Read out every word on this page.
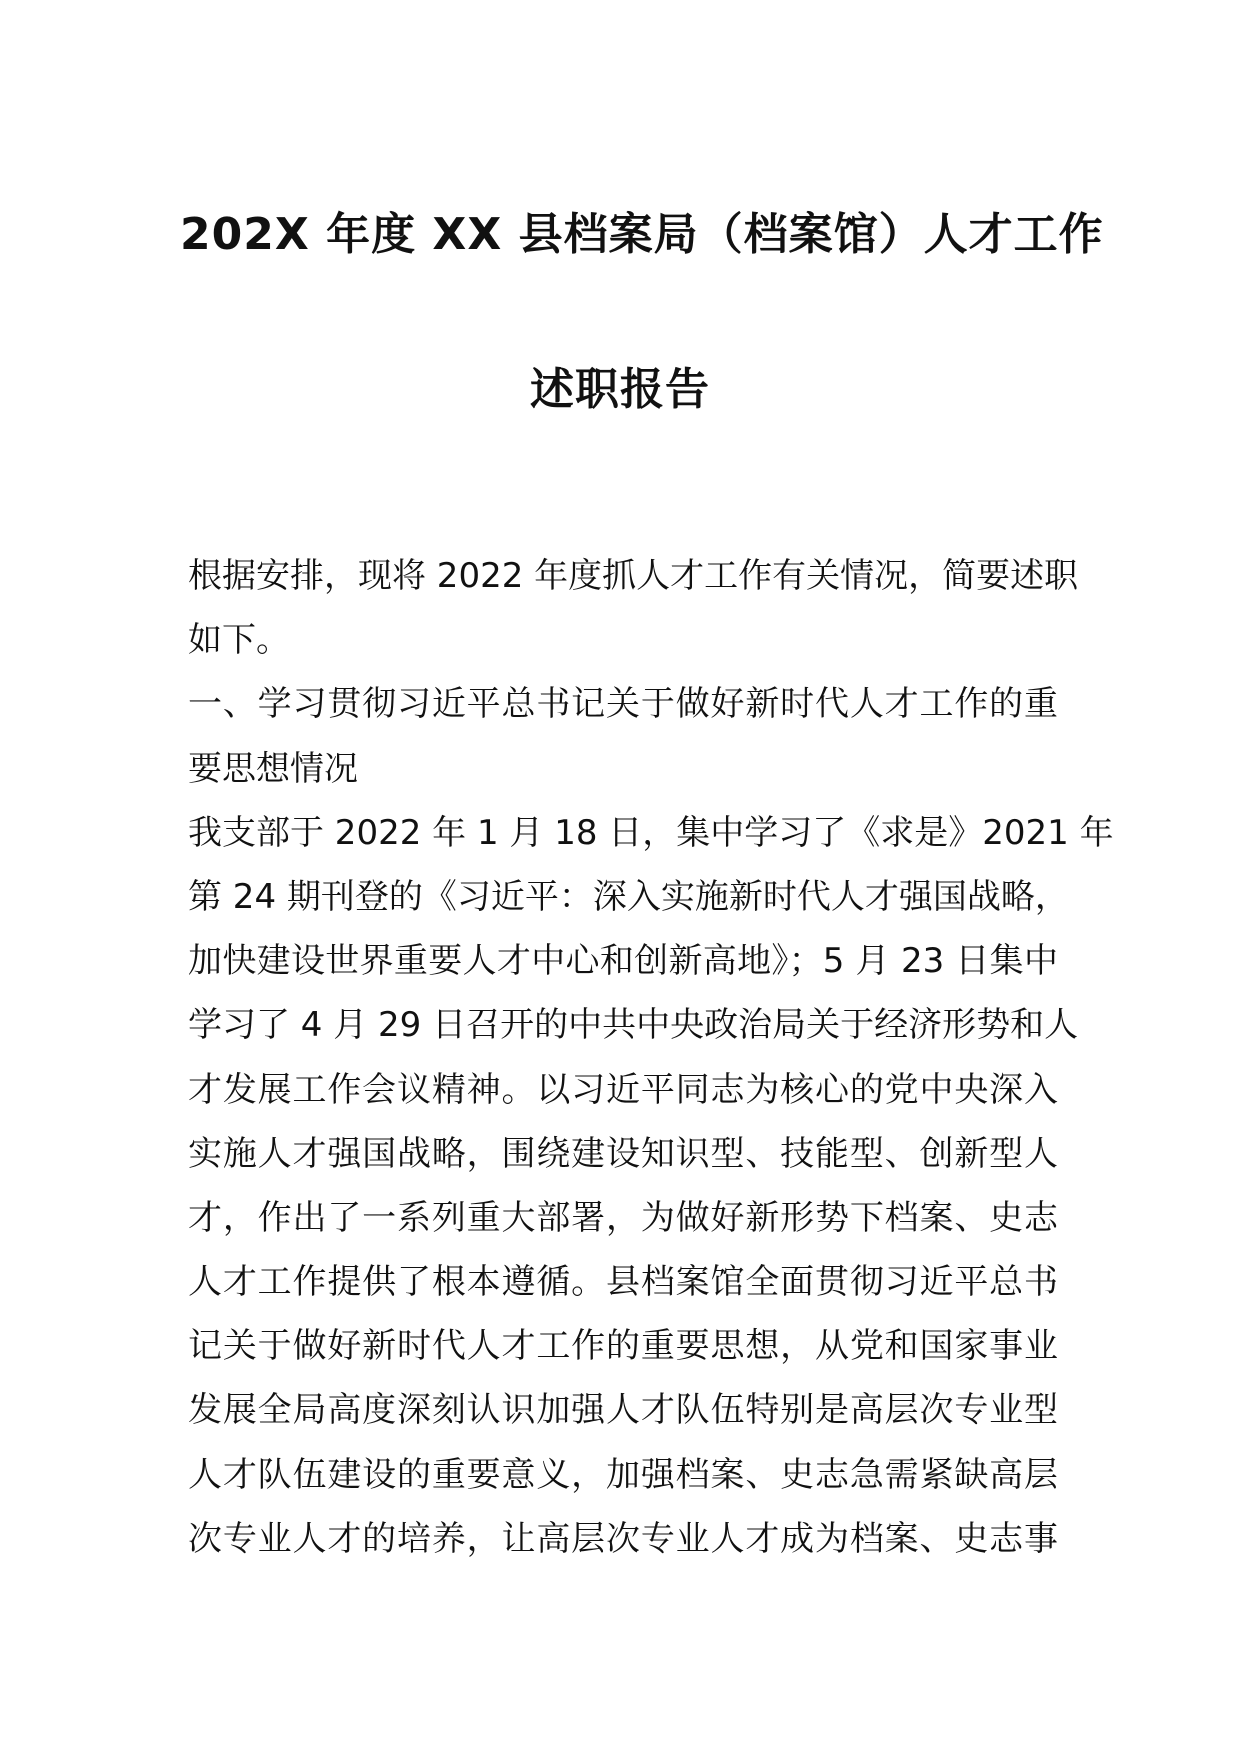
202X 年度 XX 县档案局（档案馆）人才工作
述职报告
根据安排，现将 2022 年度抓人才工作有关情况，简要述职
如下。
一、学习贯彻习近平总书记关于做好新时代人才工作的重
要思想情况
我支部于 2022 年 1 月 18 日，集中学习了《求是》2021 年
第 24 期刊登的《习近平：深入实施新时代人才强国战略，
加快建设世界重要人才中心和创新高地》；5 月 23 日集中
学习了 4 月 29 日召开的中共中央政治局关于经济形势和人
才发展工作会议精神。以习近平同志为核心的党中央深入
实施人才强国战略，围绕建设知识型、技能型、创新型人
才，作出了一系列重大部署，为做好新形势下档案、史志
人才工作提供了根本遵循。县档案馆全面贯彻习近平总书
记关于做好新时代人才工作的重要思想，从党和国家事业
发展全局高度深刻认识加强人才队伍特别是高层次专业型
人才队伍建设的重要意义，加强档案、史志急需紧缺高层
次专业人才的培养，让高层次专业人才成为档案、史志事
